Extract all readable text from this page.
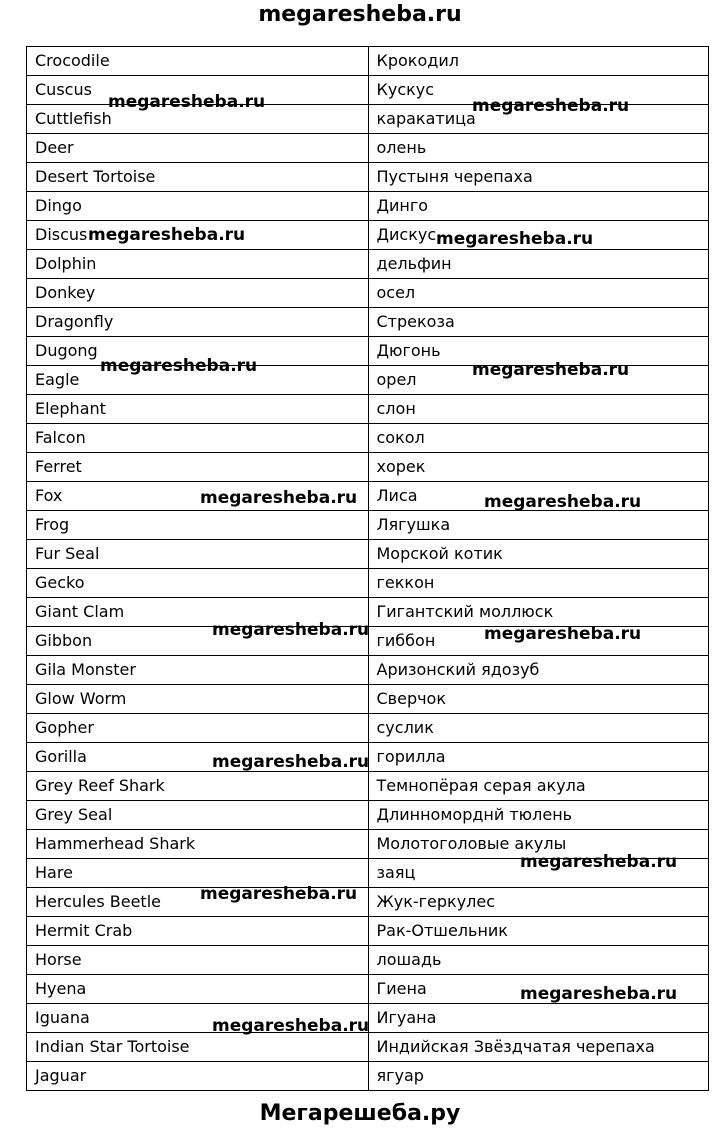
megaresheba.ru
Crocodile	Крокодил
Cuscus	Кускус
Cuttlefish	каракатица
Deer	олень
Desert Tortoise	Пустыня черепаха
Dingo	Динго
Discus	Дискус
Dolphin	дельфин
Donkey	осел
Dragonfly	Стрекоза
Dugong	Дюгонь
Eagle	орел
Elephant	слон
Falcon	сокол
Ferret	хорек
Fox	Лиса
Frog	Лягушка
Fur Seal	Морской котик
Gecko	геккон
Giant Clam	Гигантский моллюск
Gibbon	гиббон
Gila Monster	Аризонский ядозуб
Glow Worm	Сверчок
Gopher	суслик
Gorilla	горилла
Grey Reef Shark	Темнопёрая серая акула
Grey Seal	Длинноморднй тюлень
Hammerhead Shark	Молотоголовые акулы
Hare	заяц
Hercules Beetle	Жук-геркулес
Hermit Crab	Рак-Отшельник
Horse	лошадь
Hyena	Гиена
Iguana	Игуана
Indian Star Tortoise	Индийская Звёздчатая черепаха
Jaguar	ягуар
megaresheba.ru	megaresheba.ru
megaresheba.ru	megaresheba.ru
megaresheba.ru	megaresheba.ru
megaresheba.ru	megaresheba.ru
megaresheba.ru	megaresheba.ru
megaresheba.ru
megaresheba.ru
megaresheba.ru
megaresheba.ru
megaresheba.ru
Мегарешеба.ру
